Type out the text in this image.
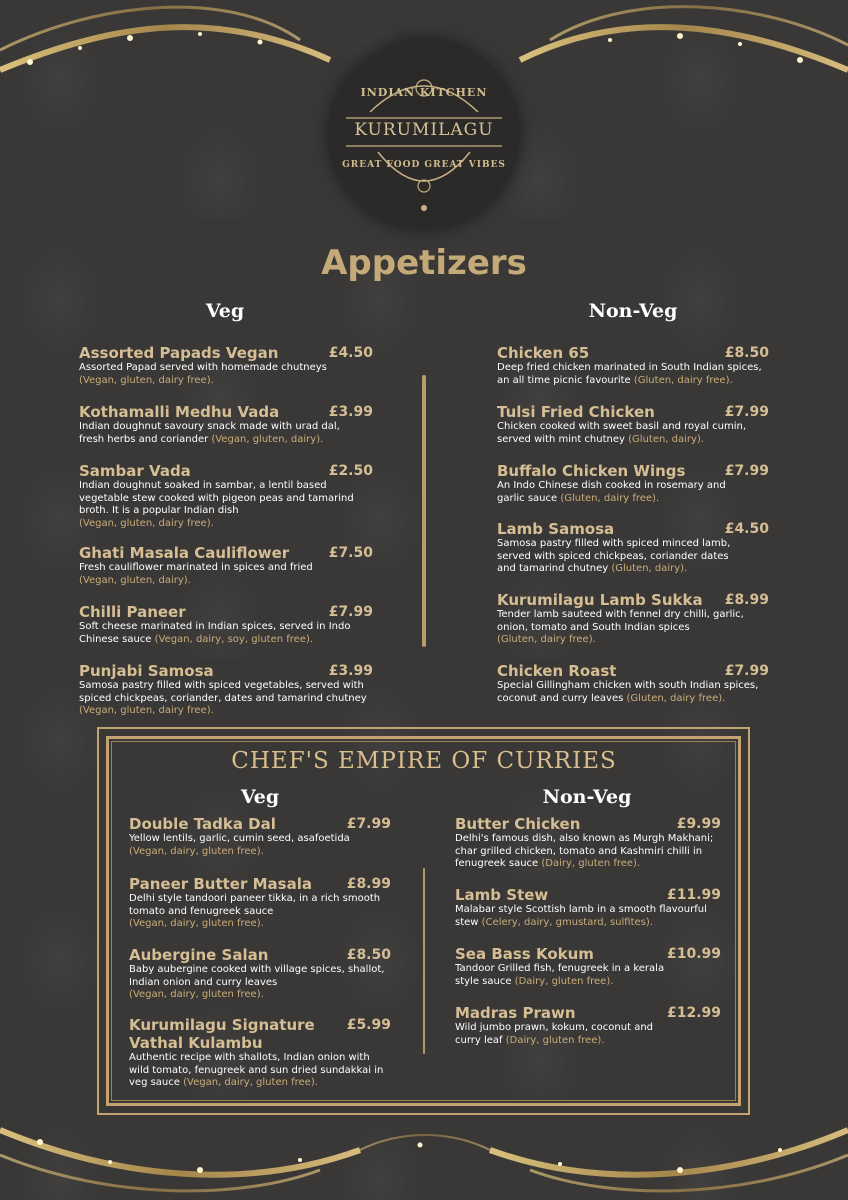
INDIAN KITCHEN
KURUMILAGU
GREAT FOOD GREAT VIBES
Appetizers
Veg	Non-Veg
Assorted Papads Vegan	£4.50
Assorted Papad served with homemade chutneys
(Vegan, gluten, dairy free).
Kothamalli Medhu Vada	£3.99
Indian doughnut savoury snack made with urad dal, fresh herbs and coriander (Vegan, gluten, dairy).
Sambar Vada	£2.50
Indian doughnut soaked in sambar, a lentil based vegetable stew cooked with pigeon peas and tamarind broth. It is a popular Indian dish
(Vegan, gluten, dairy free).
Ghati Masala Cauliflower	£7.50
Fresh cauliflower marinated in spices and fried
(Vegan, gluten, dairy).
Chilli Paneer	£7.99
Soft cheese marinated in Indian spices, served in Indo Chinese sauce (Vegan, dairy, soy, gluten free).
Punjabi Samosa	£3.99
Samosa pastry filled with spiced vegetables, served with spiced chickpeas, coriander, dates and tamarind chutney
(Vegan, gluten, dairy free).
Chicken 65	£8.50
Deep fried chicken marinated in South Indian spices, an all time picnic favourite (Gluten, dairy free).
Tulsi Fried Chicken	£7.99
Chicken cooked with sweet basil and royal cumin, served with mint chutney (Gluten, dairy).
Buffalo Chicken Wings	£7.99
An Indo Chinese dish cooked in rosemary and garlic sauce (Gluten, dairy free).
Lamb Samosa	£4.50
Samosa pastry filled with spiced minced lamb, served with spiced chickpeas, coriander dates and tamarind chutney (Gluten, dairy).
Kurumilagu Lamb Sukka	£8.99
Tender lamb sauteed with fennel dry chilli, garlic, onion, tomato and South Indian spices
(Gluten, dairy free).
Chicken Roast	£7.99
Special Gillingham chicken with south Indian spices, coconut and curry leaves (Gluten, dairy free).
CHEF'S EMPIRE OF CURRIES
Veg	Non-Veg
Double Tadka Dal	£7.99
Yellow lentils, garlic, cumin seed, asafoetida
(Vegan, dairy, gluten free).
Paneer Butter Masala	£8.99
Delhi style tandoori paneer tikka, in a rich smooth tomato and fenugreek sauce
(Vegan, dairy, gluten free).
Aubergine Salan	£8.50
Baby aubergine cooked with village spices, shallot, Indian onion and curry leaves
(Vegan, dairy, gluten free).
Kurumilagu Signature Vathal Kulambu
£5.99
Authentic recipe with shallots, Indian onion with wild tomato, fenugreek and sun dried sundakkai in veg sauce (Vegan, dairy, gluten free).
Butter Chicken	£9.99
Delhi's famous dish, also known as Murgh Makhani; char grilled chicken, tomato and Kashmiri chilli in fenugreek sauce (Dairy, gluten free).
Lamb Stew	£11.99
Malabar style Scottish lamb in a smooth flavourful stew (Celery, dairy, gmustard, sulfites).
Sea Bass Kokum	£10.99
Tandoor Grilled fish, fenugreek in a kerala style sauce (Dairy, gluten free).
Madras Prawn	£12.99
Wild jumbo prawn, kokum, coconut and curry leaf (Dairy, gluten free).
